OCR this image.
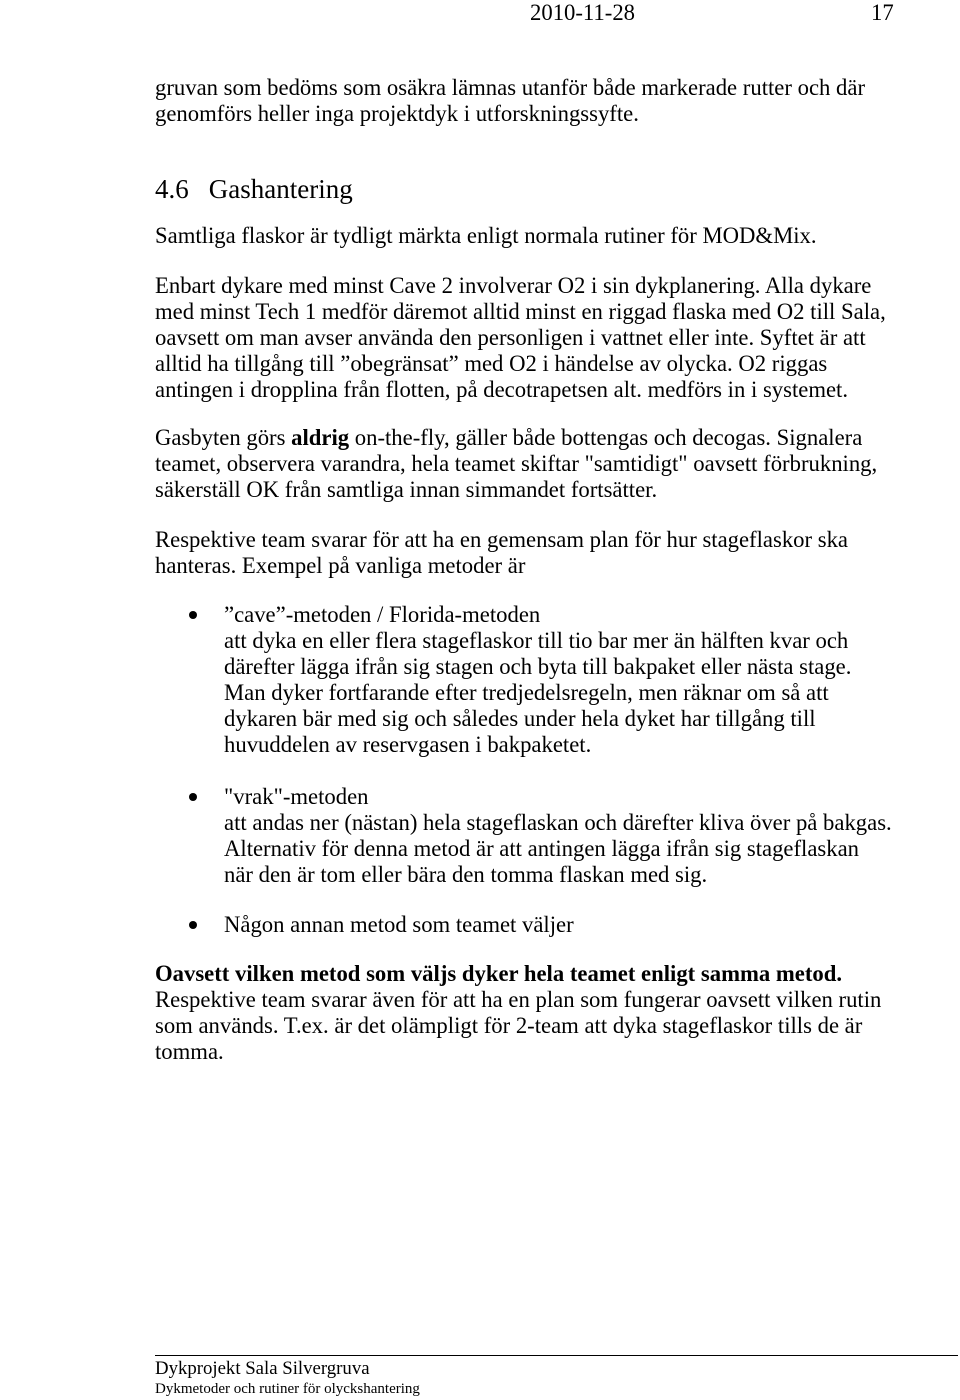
2010-11-28	17
gruvan som bedöms som osäkra lämnas utanför både markerade rutter och där
genomförs heller inga projektdyk i utforskningssyfte.
4.6 Gashantering
Samtliga flaskor är tydligt märkta enligt normala rutiner för MOD&Mix.
Enbart dykare med minst Cave 2 involverar O2 i sin dykplanering. Alla dykare
med minst Tech 1 medför däremot alltid minst en riggad flaska med O2 till Sala,
oavsett om man avser använda den personligen i vattnet eller inte. Syftet är att
alltid ha tillgång till ”obegränsat” med O2 i händelse av olycka. O2 riggas
antingen i dropplina från flotten, på decotrapetsen alt. medförs in i systemet.
Gasbyten görs aldrig on-the-fly, gäller både bottengas och decogas. Signalera
teamet, observera varandra, hela teamet skiftar "samtidigt" oavsett förbrukning,
säkerställ OK från samtliga innan simmandet fortsätter.
Respektive team svarar för att ha en gemensam plan för hur stageflaskor ska
hanteras. Exempel på vanliga metoder är
”cave”-metoden / Florida-metoden
att dyka en eller flera stageflaskor till tio bar mer än hälften kvar och
därefter lägga ifrån sig stagen och byta till bakpaket eller nästa stage.
Man dyker fortfarande efter tredjedelsregeln, men räknar om så att
dykaren bär med sig och således under hela dyket har tillgång till
huvuddelen av reservgasen i bakpaketet.
"vrak"-metoden
att andas ner (nästan) hela stageflaskan och därefter kliva över på bakgas.
Alternativ för denna metod är att antingen lägga ifrån sig stageflaskan
när den är tom eller bära den tomma flaskan med sig.
Någon annan metod som teamet väljer
Oavsett vilken metod som väljs dyker hela teamet enligt samma metod.
Respektive team svarar även för att ha en plan som fungerar oavsett vilken rutin
som används. T.ex. är det olämpligt för 2-team att dyka stageflaskor tills de är
tomma.
Dykprojekt Sala Silvergruva
Dykmetoder och rutiner för olyckshantering
